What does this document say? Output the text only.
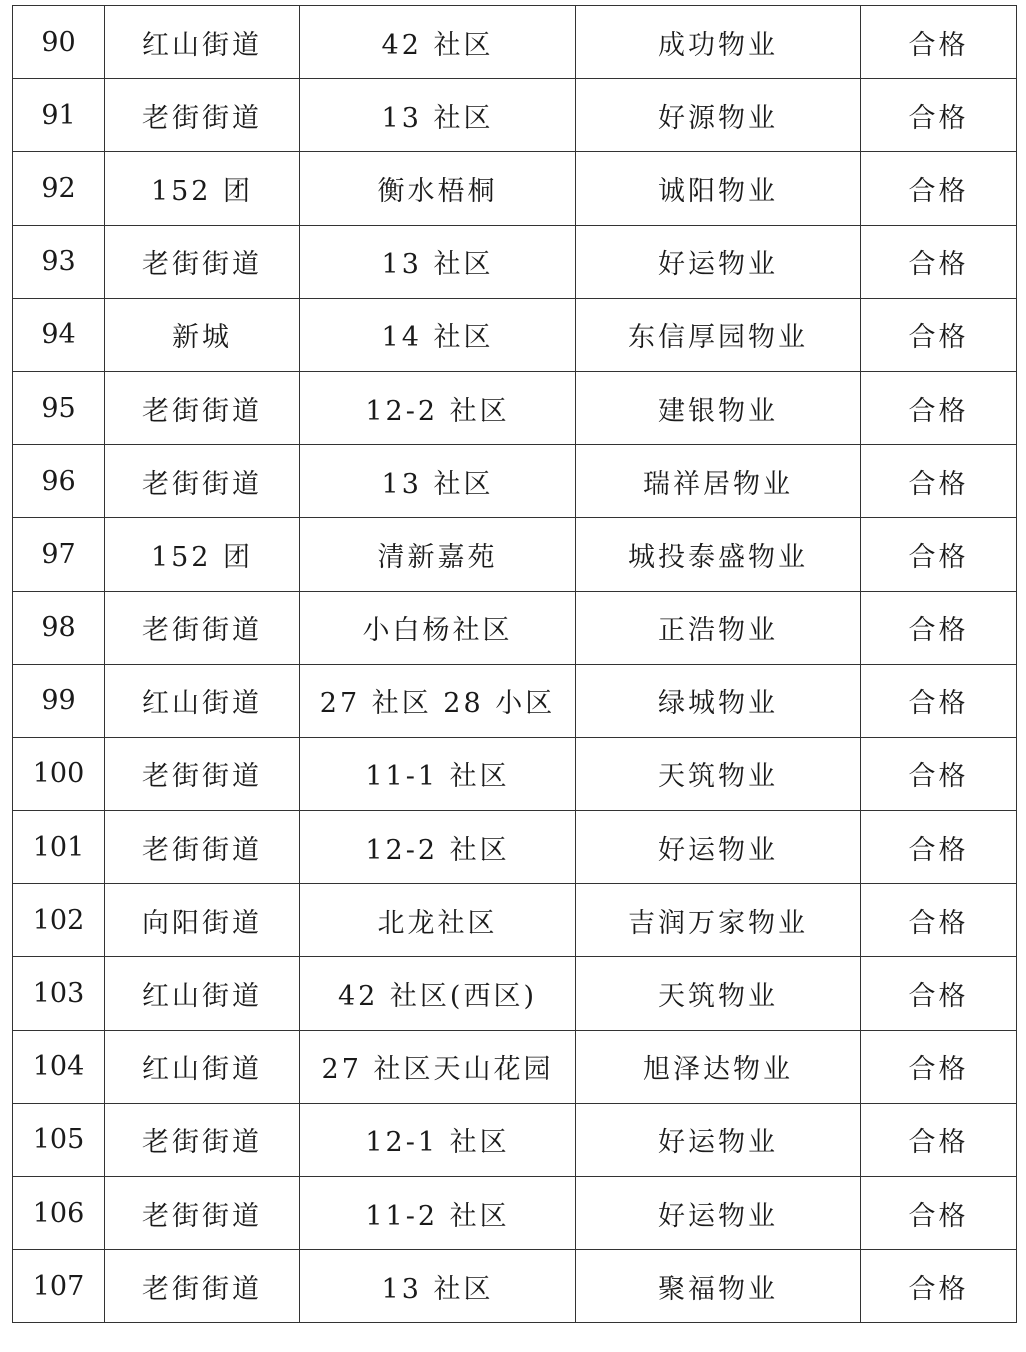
90	红山街道	42 社区	成功物业	合格
91	老街街道	13 社区	好源物业	合格
92	152 团	衡水梧桐	诚阳物业	合格
93	老街街道	13 社区	好运物业	合格
94	新城	14 社区	东信厚园物业	合格
95	老街街道	12-2 社区	建银物业	合格
96	老街街道	13 社区	瑞祥居物业	合格
97	152 团	清新嘉苑	城投泰盛物业	合格
98	老街街道	小白杨社区	正浩物业	合格
99	红山街道	27 社区 28 小区	绿城物业	合格
100	老街街道	11-1 社区	天筑物业	合格
101	老街街道	12-2 社区	好运物业	合格
102	向阳街道	北龙社区	吉润万家物业	合格
103	红山街道	42 社区(西区)	天筑物业	合格
104	红山街道	27 社区天山花园	旭泽达物业	合格
105	老街街道	12-1 社区	好运物业	合格
106	老街街道	11-2 社区	好运物业	合格
107	老街街道	13 社区	聚福物业	合格
